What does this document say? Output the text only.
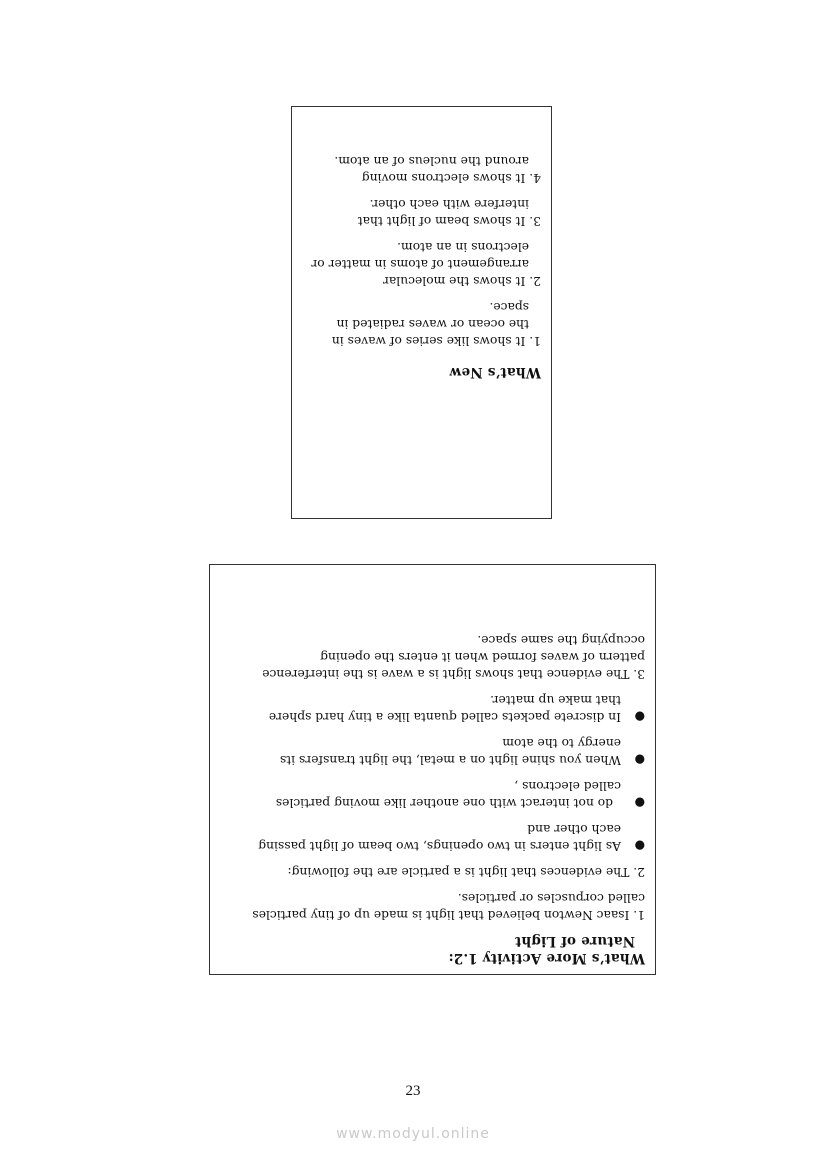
What’s New

1. It shows like series of waves in

the ocean or waves radiated in

space.

2. It shows the molecular

arrangement of atoms in matter or

electrons in an atom.

3. It shows beam of light that

interfere with each other.

4. It shows electrons moving

around the nucleus of an atom.

What’s More Activity 1.2:
Nature of Light

1. Isaac Newton believed that light is made up of tiny particles

called corpuscles or particles.

2. The evidences that light is a particle are the following:

●

As light enters in two openings, two beam of light passing

each other and

●

do not interact with one another like moving particles

called electrons ,

●

When you shine light on a metal, the light transfers its

energy to the atom

●

In discrete packets called quanta like a tiny hard sphere

that make up matter.

3. The evidence that shows light is a wave is the interference

pattern of waves formed when it enters the opening

occupying the same space.

23
www.modyul.online
